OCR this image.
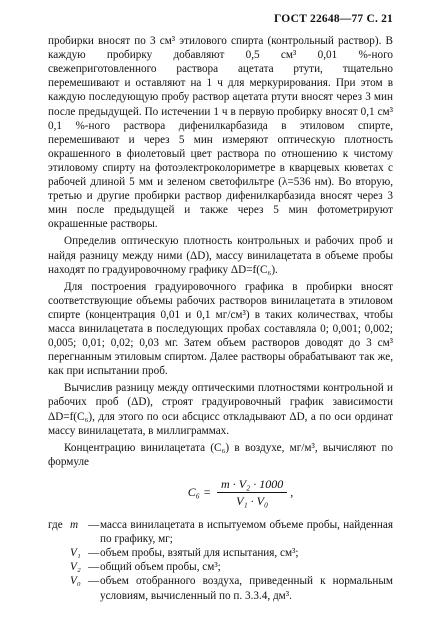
ГОСТ 22648—77 С. 21

пробирки вносят по 3 см³ этилового спирта (контрольный раствор). В каждую пробирку добавляют 0,5 см³ 0,01 %-ного свежеприготовленного раствора ацетата ртути, тщательно перемешивают и оставляют на 1 ч для меркурирования. При этом в каждую последующую пробу раствор ацетата ртути вносят через 3 мин после предыдущей. По истечении 1 ч в первую пробирку вносят 0,1 см³ 0,1 %-ного раствора дифенилкарбазида в этиловом спирте, перемешивают и через 5 мин измеряют оптическую плотность окрашенного в фиолетовый цвет раствора по отношению к чистому этиловому спирту на фотоэлектроколориметре в кварцевых кюветах с рабочей длиной 5 мм и зеленом светофильтре (λ=536 нм). Во вторую, третью и другие пробирки раствор дифенилкарбазида вносят через 3 мин после предыдущей и также через 5 мин фотометрируют окрашенные растворы.

Определив оптическую плотность контрольных и рабочих проб и найдя разницу между ними (ΔD), массу винилацетата в объеме пробы находят по градуировочному графику ΔD=f(C₆).

Для построения градуировочного графика в пробирки вносят соответствующие объемы рабочих растворов винилацетата в этиловом спирте (концентрация 0,01 и 0,1 мг/см³) в таких количествах, чтобы масса винилацетата в последующих пробах составляла 0; 0,001; 0,002; 0,005; 0,01; 0,02; 0,03 мг. Затем объем растворов доводят до 3 см³ перегнанным этиловым спиртом. Далее растворы обрабатывают так же, как при испытании проб.

Вычислив разницу между оптическими плотностями контрольной и рабочих проб (ΔD), строят градуировочный график зависимости ΔD=f(C₆), для этого по оси абсцисс откладывают ΔD, а по оси ординат массу винилацетата, в миллиграммах.

Концентрацию винилацетата (C₆) в воздухе, мг/м³, вычисляют по формуле

$C_6 = \frac{\text{m · V₂ · 1000}}{\text{V₁ · V₀}}$ ,
где	m	—	масса винилацетата в испытуемом объеме пробы, найденная по графику, мг;
	V₁	—	объем пробы, взятый для испытания, см³;
	V₂	—	общий объем пробы, см³;
	V₀	—	объем отобранного воздуха, приведенный к нормальным условиям, вычисленный по п. 3.3.4, дм³.
